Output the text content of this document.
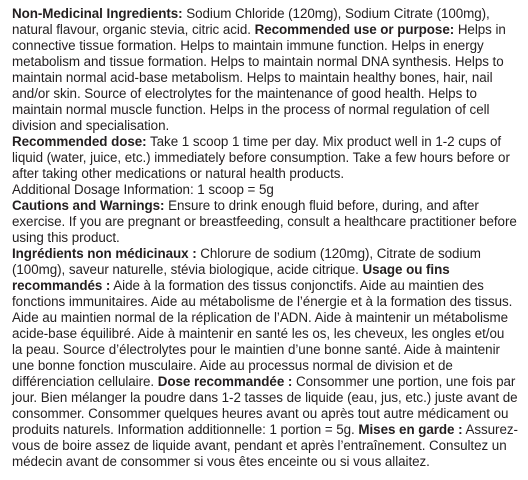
Non-Medicinal Ingredients: Sodium Chloride (120mg), Sodium Citrate (100mg), natural flavour, organic stevia, citric acid. Recommended use or purpose: Helps in connective tissue formation. Helps to maintain immune function. Helps in energy metabolism and tissue formation. Helps to maintain normal DNA synthesis. Helps to maintain normal acid-base metabolism. Helps to maintain healthy bones, hair, nail and/or skin. Source of electrolytes for the maintenance of good health. Helps to maintain normal muscle function. Helps in the process of normal regulation of cell division and specialisation.
Recommended dose: Take 1 scoop 1 time per day. Mix product well in 1-2 cups of liquid (water, juice, etc.) immediately before consumption. Take a few hours before or after taking other medications or natural health products.
Additional Dosage Information: 1 scoop = 5g
Cautions and Warnings: Ensure to drink enough fluid before, during, and after exercise. If you are pregnant or breastfeeding, consult a healthcare practitioner before using this product.

Ingrédients non médicinaux : Chlorure de sodium (120mg), Citrate de sodium (100mg), saveur naturelle, stévia biologique, acide citrique. Usage ou fins recommandés : Aide à la formation des tissus conjonctifs. Aide au maintien des fonctions immunitaires. Aide au métabolisme de l’énergie et à la formation des tissus. Aide au maintien normal de la réplication de l’ADN. Aide à maintenir un métabolisme acide-base équilibré. Aide à maintenir en santé les os, les cheveux, les ongles et/ou la peau. Source d’électrolytes pour le maintien d’une bonne santé. Aide à maintenir une bonne fonction musculaire. Aide au processus normal de division et de différenciation cellulaire. Dose recommandée : Consommer une portion, une fois par jour. Bien mélanger la poudre dans 1-2 tasses de liquide (eau, jus, etc.) juste avant de consommer. Consommer quelques heures avant ou après tout autre médicament ou produits naturels. Information additionnelle: 1 portion = 5g. Mises en garde : Assurez-vous de boire assez de liquide avant, pendant et après l’entraînement. Consultez un médecin avant de consommer si vous êtes enceinte ou si vous allaitez.
